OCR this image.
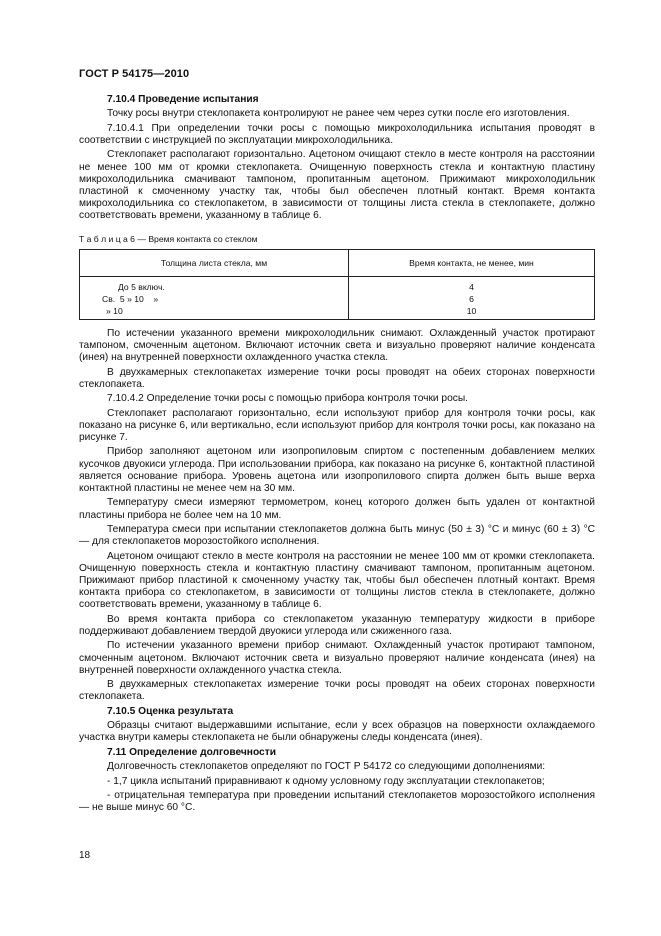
ГОСТ Р 54175—2010

7.10.4 Проведение испытания

Точку росы внутри стеклопакета контролируют не ранее чем через сутки после его изготовления.

7.10.4.1 При определении точки росы с помощью микрохолодильника испытания проводят в соответствии с инструкцией по эксплуатации микрохолодильника.

Стеклопакет располагают горизонтально. Ацетоном очищают стекло в месте контроля на расстоянии не менее 100 мм от кромки стеклопакета. Очищенную поверхность стекла и контактную пластину микрохолодильника смачивают тампоном, пропитанным ацетоном. Прижимают микрохолодильник пластиной к смоченному участку так, чтобы был обеспечен плотный контакт. Время контакта микрохолодильника со стеклопакетом, в зависимости от толщины листа стекла в стеклопакете, должно соответствовать времени, указанному в таблице 6.

Т а б л и ц а 6 — Время контакта со стеклом

Толщина листа стекла, мм	Время контакта, не менее, мин
До 5 включ.	4
Св.  5 » 10    »	6
» 10	10

По истечении указанного времени микрохолодильник снимают. Охлажденный участок протирают тампоном, смоченным ацетоном. Включают источник света и визуально проверяют наличие конденсата (инея) на внутренней поверхности охлажденного участка стекла.

В двухкамерных стеклопакетах измерение точки росы проводят на обеих сторонах поверхности стеклопакета.

7.10.4.2 Определение точки росы с помощью прибора контроля точки росы.

Стеклопакет располагают горизонтально, если используют прибор для контроля точки росы, как показано на рисунке 6, или вертикально, если используют прибор для контроля точки росы, как показано на рисунке 7.

Прибор заполняют ацетоном или изопропиловым спиртом с постепенным добавлением мелких кусочков двуокиси углерода. При использовании прибора, как показано на рисунке 6, контактной пластиной является основание прибора. Уровень ацетона или изопропилового спирта должен быть выше верха контактной пластины не менее чем на 30 мм.

Температуру смеси измеряют термометром, конец которого должен быть удален от контактной пластины прибора не более чем на 10 мм.

Температура смеси при испытании стеклопакетов должна быть минус (50 ± 3) °С и минус (60 ± 3) °С — для стеклопакетов морозостойкого исполнения.

Ацетоном очищают стекло в месте контроля на расстоянии не менее 100 мм от кромки стеклопакета. Очищенную поверхность стекла и контактную пластину смачивают тампоном, пропитанным ацетоном. Прижимают прибор пластиной к смоченному участку так, чтобы был обеспечен плотный контакт. Время контакта прибора со стеклопакетом, в зависимости от толщины листов стекла в стеклопакете, должно соответствовать времени, указанному в таблице 6.

Во время контакта прибора со стеклопакетом указанную температуру жидкости в приборе поддерживают добавлением твердой двуокиси углерода или сжиженного газа.

По истечении указанного времени прибор снимают. Охлажденный участок протирают тампоном, смоченным ацетоном. Включают источник света и визуально проверяют наличие конденсата (инея) на внутренней поверхности охлажденного участка стекла.

В двухкамерных стеклопакетах измерение точки росы проводят на обеих сторонах поверхности стеклопакета.

7.10.5 Оценка результата

Образцы считают выдержавшими испытание, если у всех образцов на поверхности охлаждаемого участка внутри камеры стеклопакета не были обнаружены следы конденсата (инея).

7.11 Определение долговечности

Долговечность стеклопакетов определяют по ГОСТ Р 54172 со следующими дополнениями:

- 1,7 цикла испытаний приравнивают к одному условному году эксплуатации стеклопакетов;

- отрицательная температура при проведении испытаний стеклопакетов морозостойкого исполнения — не выше минус 60 °С.

18
